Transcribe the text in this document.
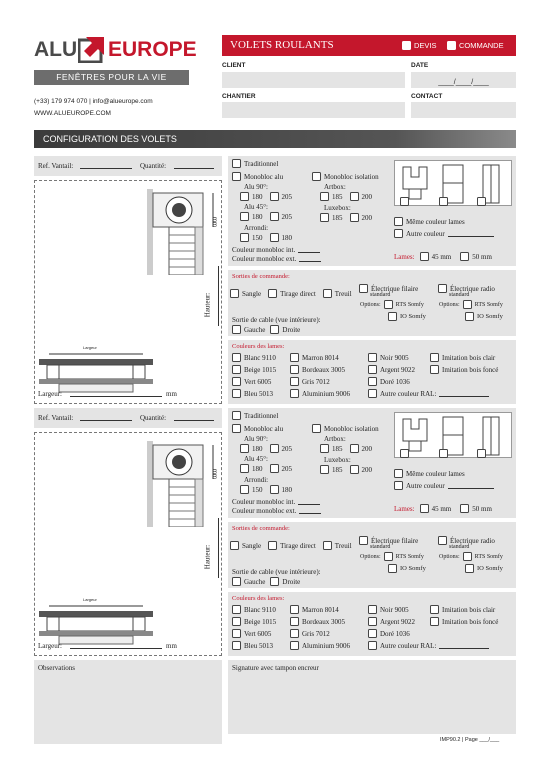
ALU EUROPE
FENÊTRES POUR LA VIE
(+33) 179 974 070 | info@alueurope.com
WWW.ALUEUROPE.COM
VOLETS ROULANTS	DEVIS	COMMANDE
CLIENT	DATE
____/____/____
CHANTIER	CONTACT
CONFIGURATION DES VOLETS
Ref. Vantail:	Quantité:
mm
Hauteur:
Largeur
Largeur:	mm
Traditionnel
Monobloc alu
Alu 90°:
180	205
Alu 45°:
180	205
Arrondi:
150	180
Monobloc isolation
Artbox:
185	200
Luxebox:
185	200
Couleur monobloc int.
Couleur monobloc ext.
Même couleur lames
Autre couleur
Lames: 45 mm	50 mm
Sorties de commande:
Sangle	Tirage direct	Treuil
Électrique filaire
standard
Options:	RTS Somfy
IO Somfy
Électrique radio
standard
Options:	RTS Somfy
IO Somfy
Sortie de cable (vue intérieure):
Gauche Droite
Couleurs des lames:
Blanc 9110	Marron 8014	Noir 9005	Imitation bois clair
Beige 1015	Bordeaux 3005	Argent 9022	Imitation bois foncé
Vert 6005	Gris 7012	Doré 1036
Bleu 5013	Aluminium 9006	Autre couleur RAL:
Ref. Vantail:	Quantité:
mm
Hauteur:
Largeur
Largeur:	mm
Traditionnel
Monobloc alu
Alu 90°:
180	205
Alu 45°:
180	205
Arrondi:
150	180
Monobloc isolation
Artbox:
185	200
Luxebox:
185	200
Couleur monobloc int.
Couleur monobloc ext.
Même couleur lames
Autre couleur
Lames: 45 mm	50 mm
Sorties de commande:
Sangle	Tirage direct	Treuil
Électrique filaire
standard
Options:	RTS Somfy
IO Somfy
Électrique radio
standard
Options:	RTS Somfy
IO Somfy
Sortie de cable (vue intérieure):
Gauche Droite
Couleurs des lames:
Blanc 9110	Marron 8014	Noir 9005	Imitation bois clair
Beige 1015	Bordeaux 3005	Argent 9022	Imitation bois foncé
Vert 6005	Gris 7012	Doré 1036
Bleu 5013	Aluminium 9006	Autre couleur RAL:
Observations	Signature avec tampon encreur
IMP90.2 | Page ___/___
